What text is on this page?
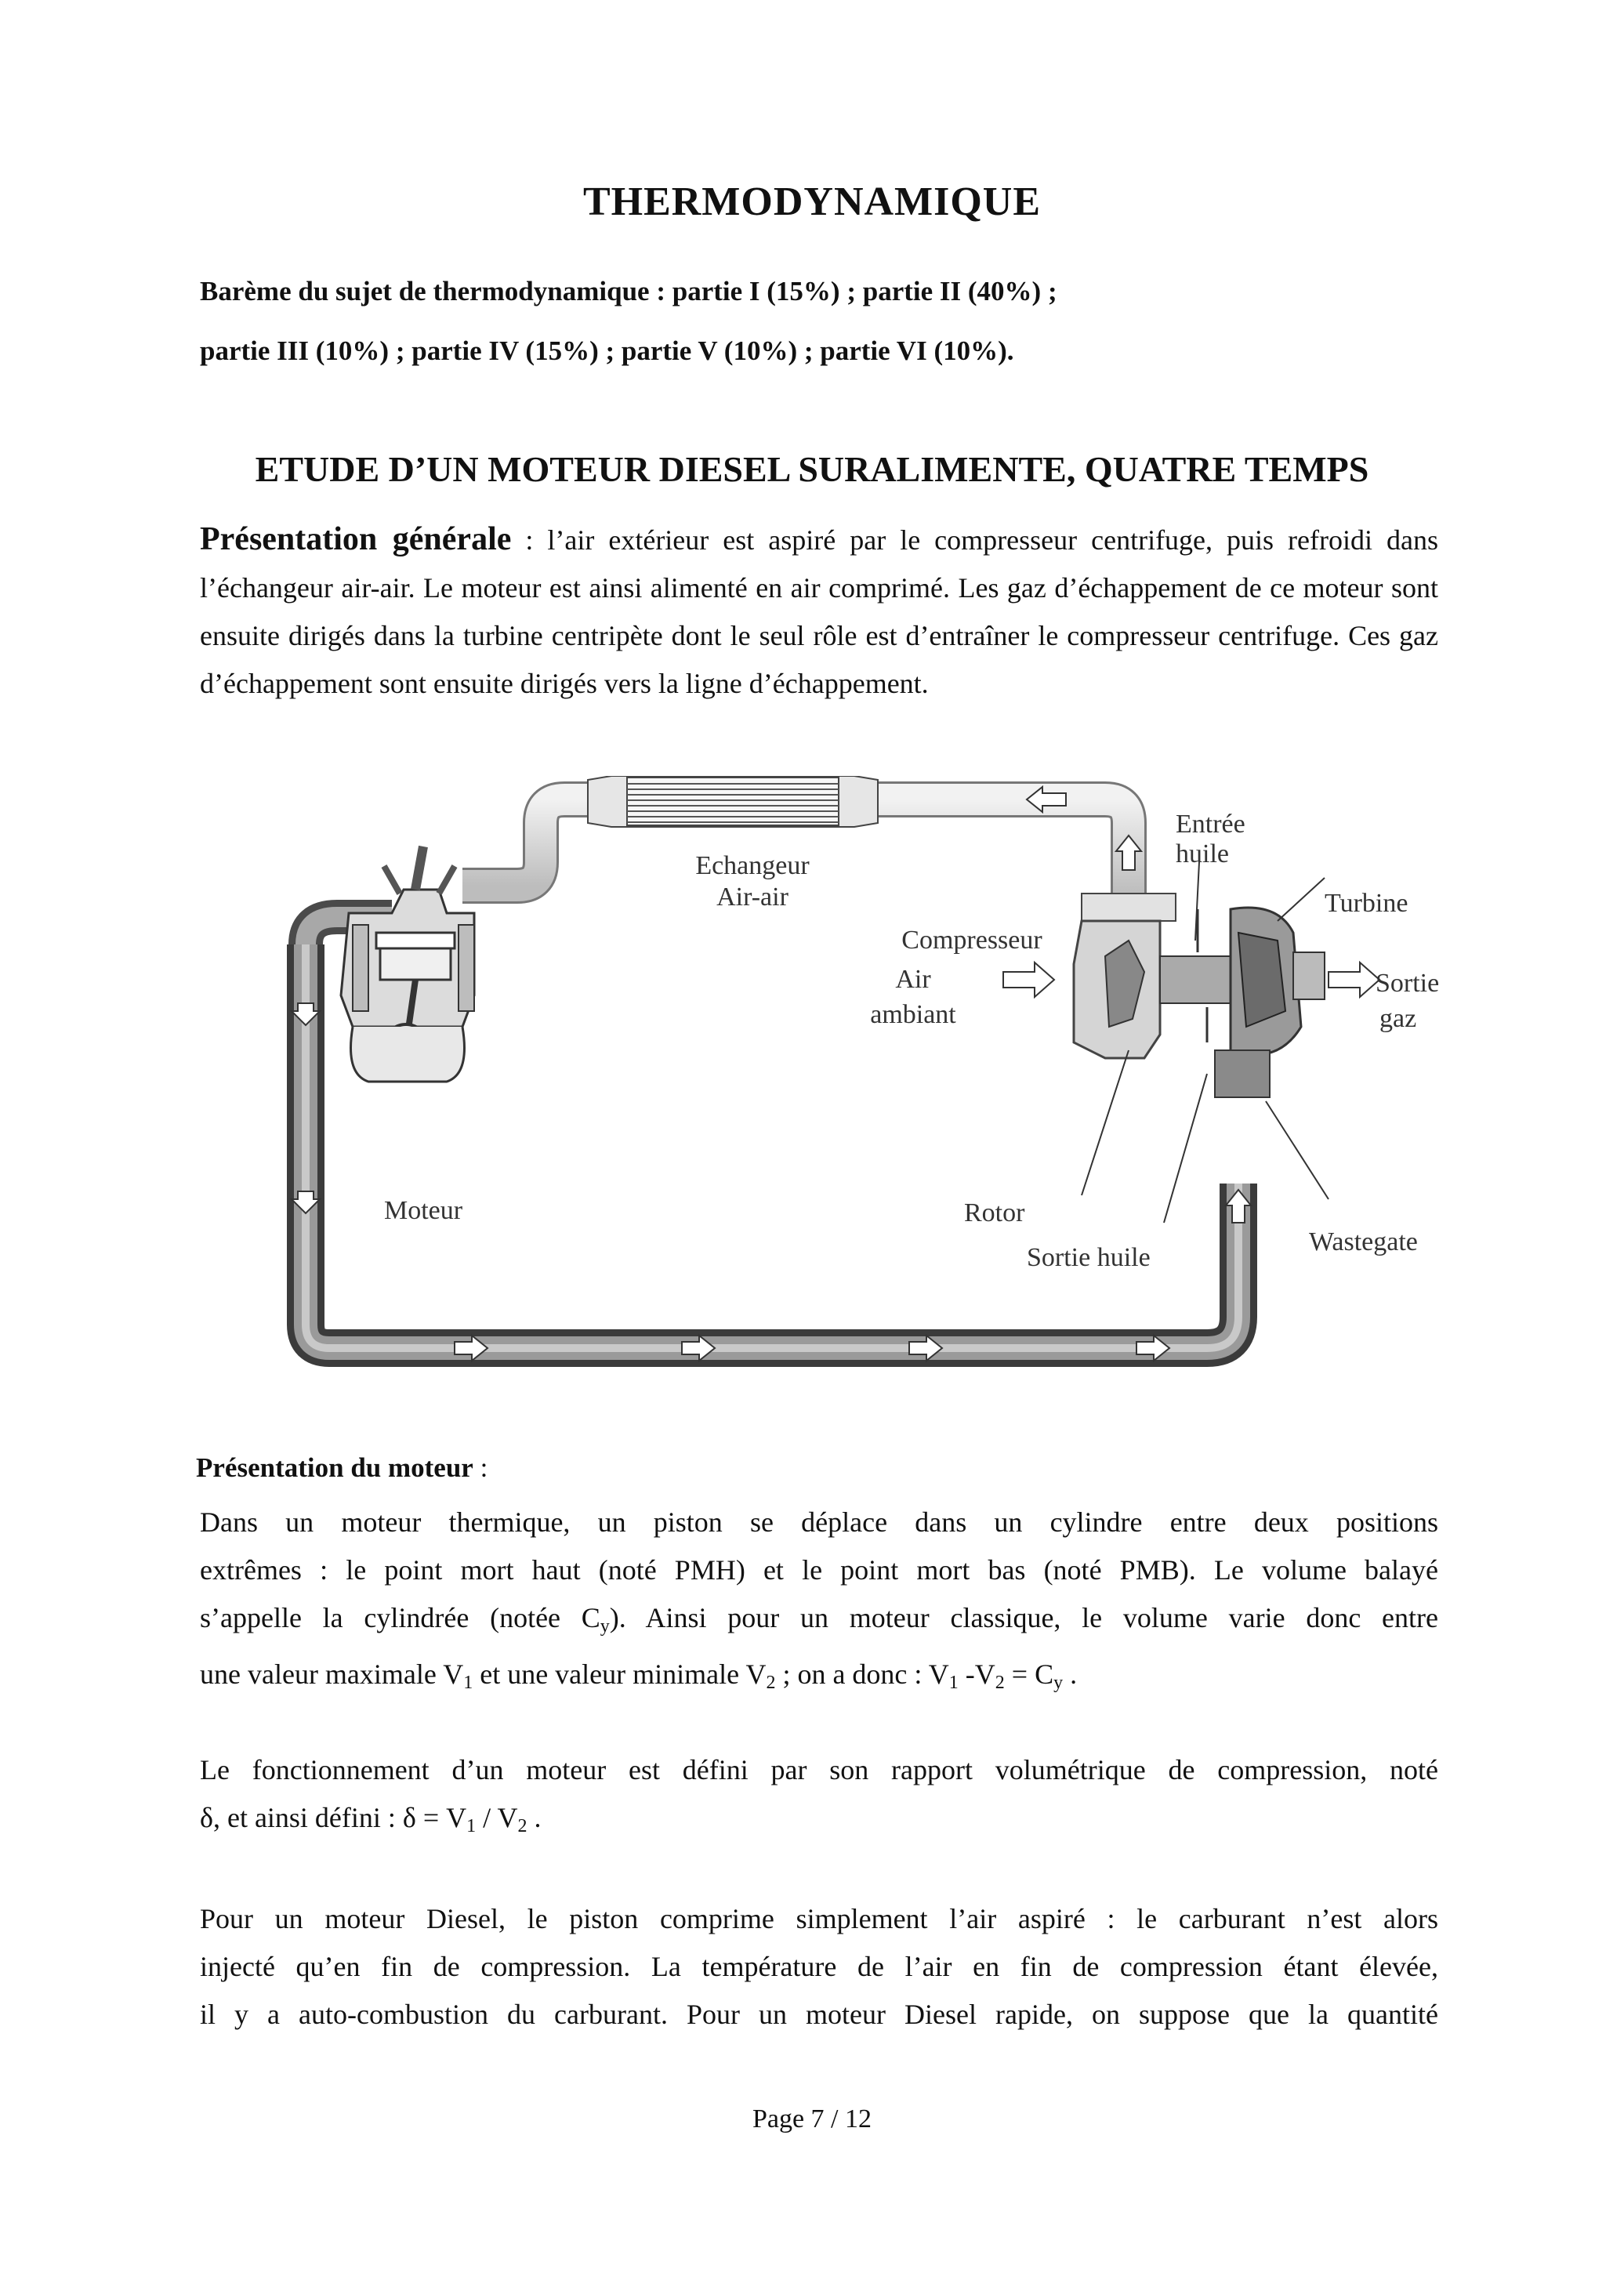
THERMODYNAMIQUE
Barème du sujet de thermodynamique : partie I (15%) ; partie II (40%) ;
partie III (10%) ; partie IV (15%) ; partie V (10%) ; partie VI (10%).
ETUDE D’UN MOTEUR DIESEL SURALIMENTE, QUATRE TEMPS
Présentation générale : l’air extérieur est aspiré par le compresseur centrifuge, puis refroidi dans l’échangeur air-air. Le moteur est ainsi alimenté en air comprimé. Les gaz d’échappement de ce moteur sont ensuite dirigés dans la turbine centripète dont le seul rôle est d’entraîner le compresseur centrifuge. Ces gaz d’échappement sont ensuite dirigés vers la ligne d’échappement.
Echangeur
Air-air
Compresseur
Entrée
huile
Turbine
Air
ambiant
Sortie
gaz
Moteur	Rotor
Sortie huile
Wastegate
Présentation du moteur :
Dans un moteur thermique, un piston se déplace dans un cylindre entre deux positions
extrêmes : le point mort haut (noté PMH) et le point mort bas (noté PMB). Le volume balayé
s’appelle la cylindrée (notée $C_y$). Ainsi pour un moteur classique, le volume varie donc entre
une valeur maximale $V_1$ et une valeur minimale $V_2$ ; on a donc : $V_1$ $-V_2 = C_y$ .
Le fonctionnement d’un moteur est défini par son rapport volumétrique de compression, noté
δ, et ainsi défini : $\delta = V_1 / V_2$ .
Pour un moteur Diesel, le piston comprime simplement l’air aspiré : le carburant n’est alors
injecté qu’en fin de compression. La température de l’air en fin de compression étant élevée,
il y a auto-combustion du carburant. Pour un moteur Diesel rapide, on suppose que la quantité
Page 7 / 12
